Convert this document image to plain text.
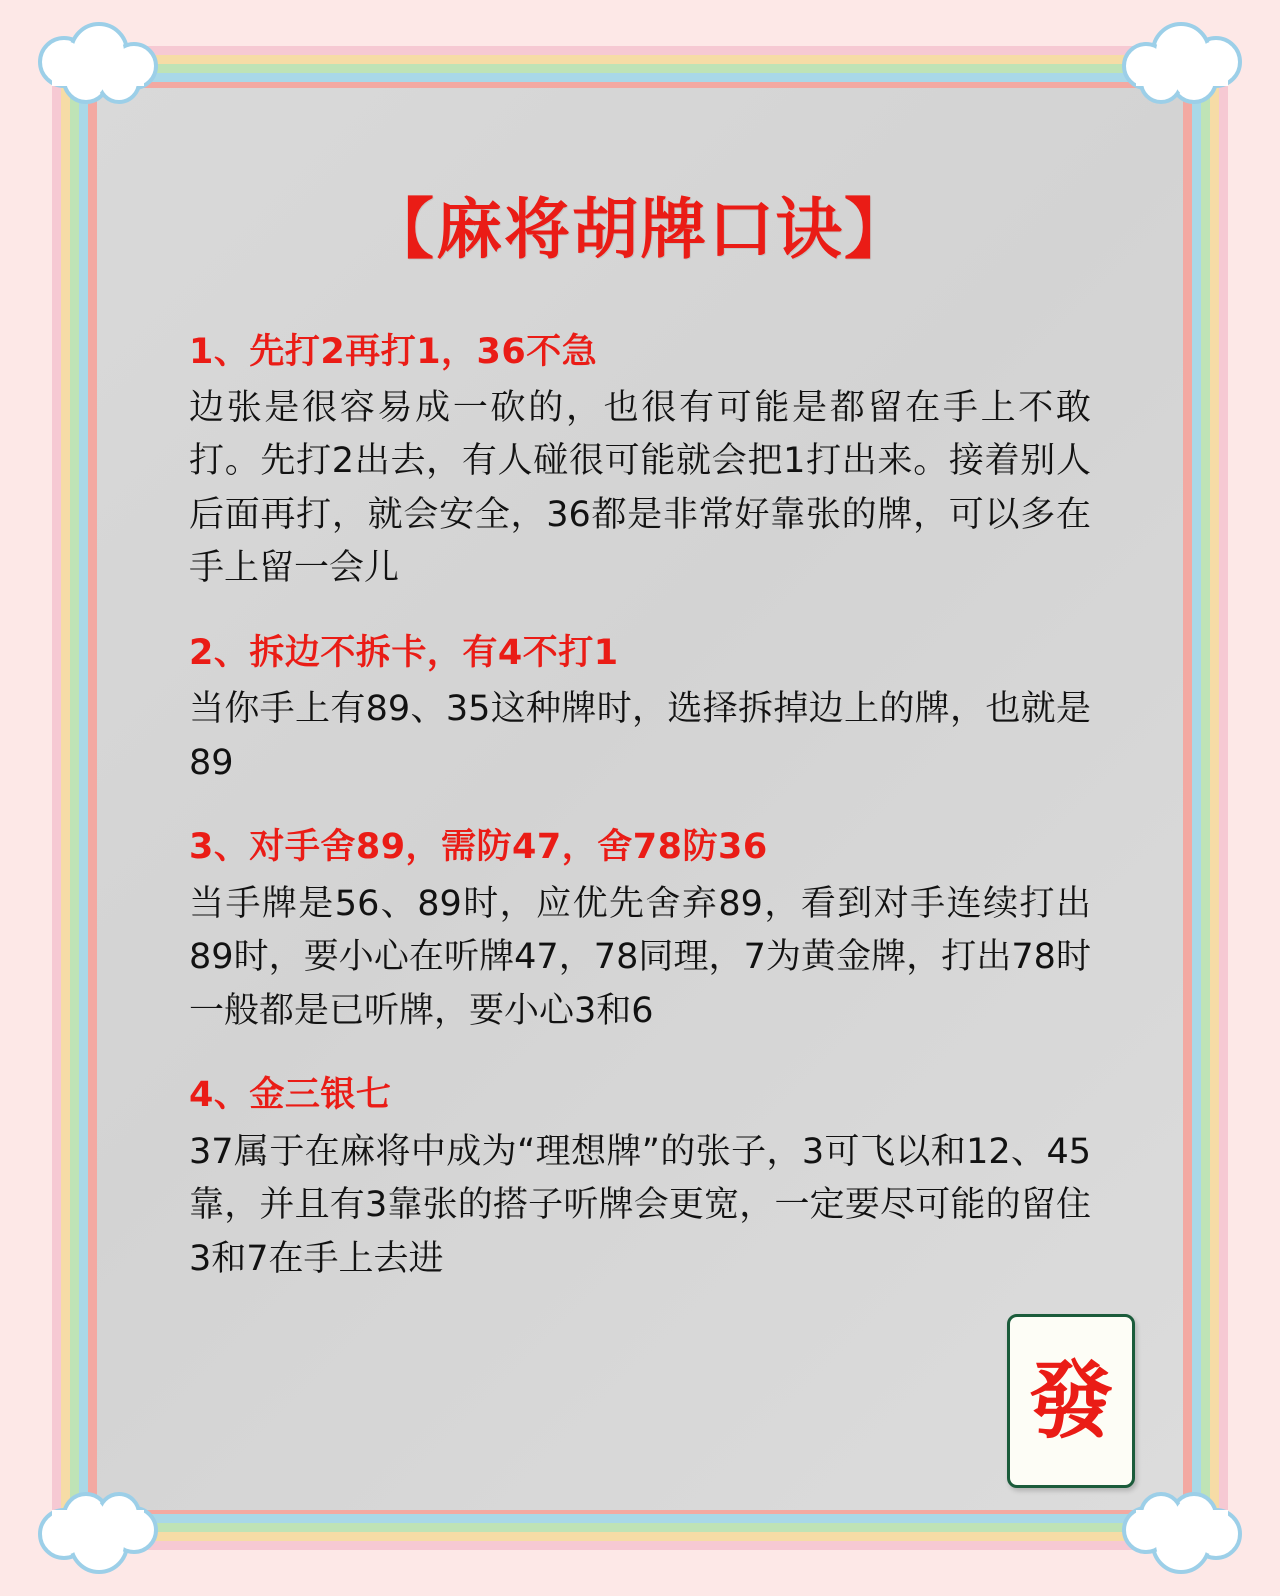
【麻将胡牌口诀】
1、先打2再打1，36不急
边张是很容易成一砍的，也很有可能是都留在手上不敢打。先打2出去，有人碰很可能就会把1打出来。接着别人后面再打，就会安全，36都是非常好靠张的牌，可以多在手上留一会儿
2、拆边不拆卡，有4不打1
当你手上有89、35这种牌时，选择拆掉边上的牌，也就是89
3、对手舍89，需防47，舍78防36
当手牌是56、89时，应优先舍弃89，看到对手连续打出89时，要小心在听牌47，78同理，7为黄金牌，打出78时一般都是已听牌，要小心3和6
4、金三银七
37属于在麻将中成为“理想牌”的张子，3可飞以和12、45靠，并且有3靠张的搭子听牌会更宽，一定要尽可能的留住3和7在手上去进
發
